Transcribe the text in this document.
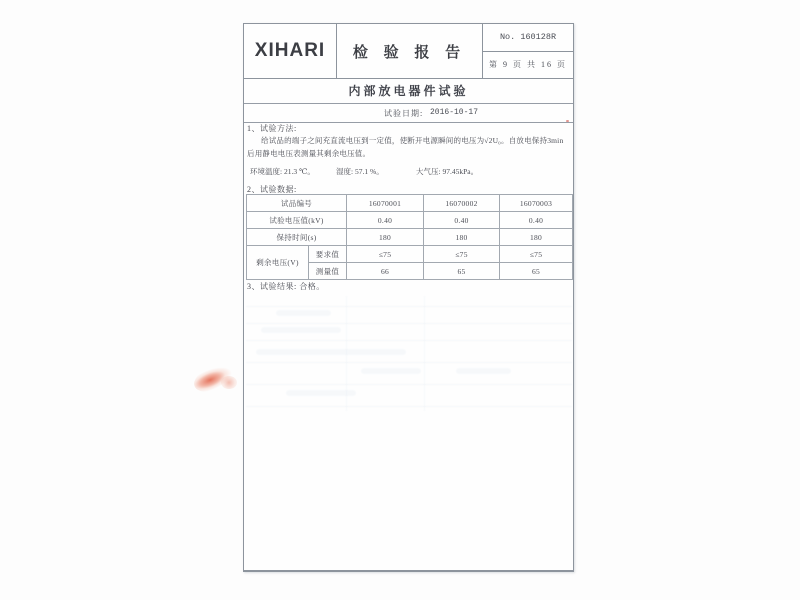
XIHARI	检 验 报 告
No. 160128R
第 9 页 共 16 页
内部放电器件试验
试验日期: 2016-10-17
1、试验方法:
给试品的端子之间充直流电压到一定值，使断开电源瞬间的电压为√2U₀。自放电保持3min后用静电电压表测量其剩余电压值。
环境温度: 21.3 ℃。	湿度: 57.1 %。	大气压: 97.45kPa。
2、试验数据:
试品编号		16070001	16070002	16070003
试验电压值(kV)		0.40	0.40	0.40
保持时间(s)		180	180	180
剩余电压(V)	要求值	≤75	≤75	≤75
	测量值	66	65	65
3、试验结果: 合格。
